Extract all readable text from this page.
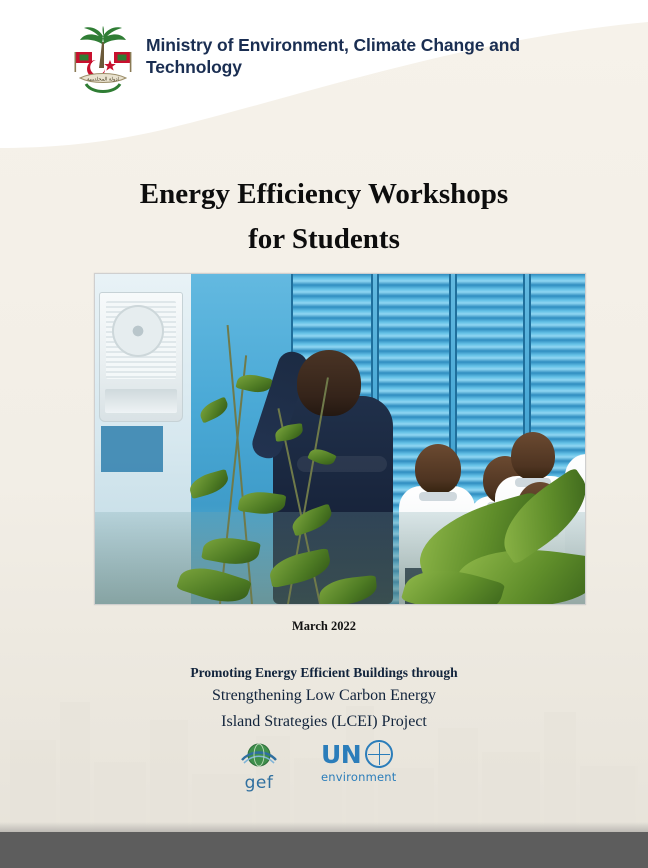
ادولة المحلديبية
Ministry of Environment, Climate Change and Technology
Energy Efficiency Workshops
for Students
March 2022
Promoting Energy Efficient Buildings through
Strengthening Low Carbon Energy
Island Strategies (LCEI) Project
gef
UN
environment
